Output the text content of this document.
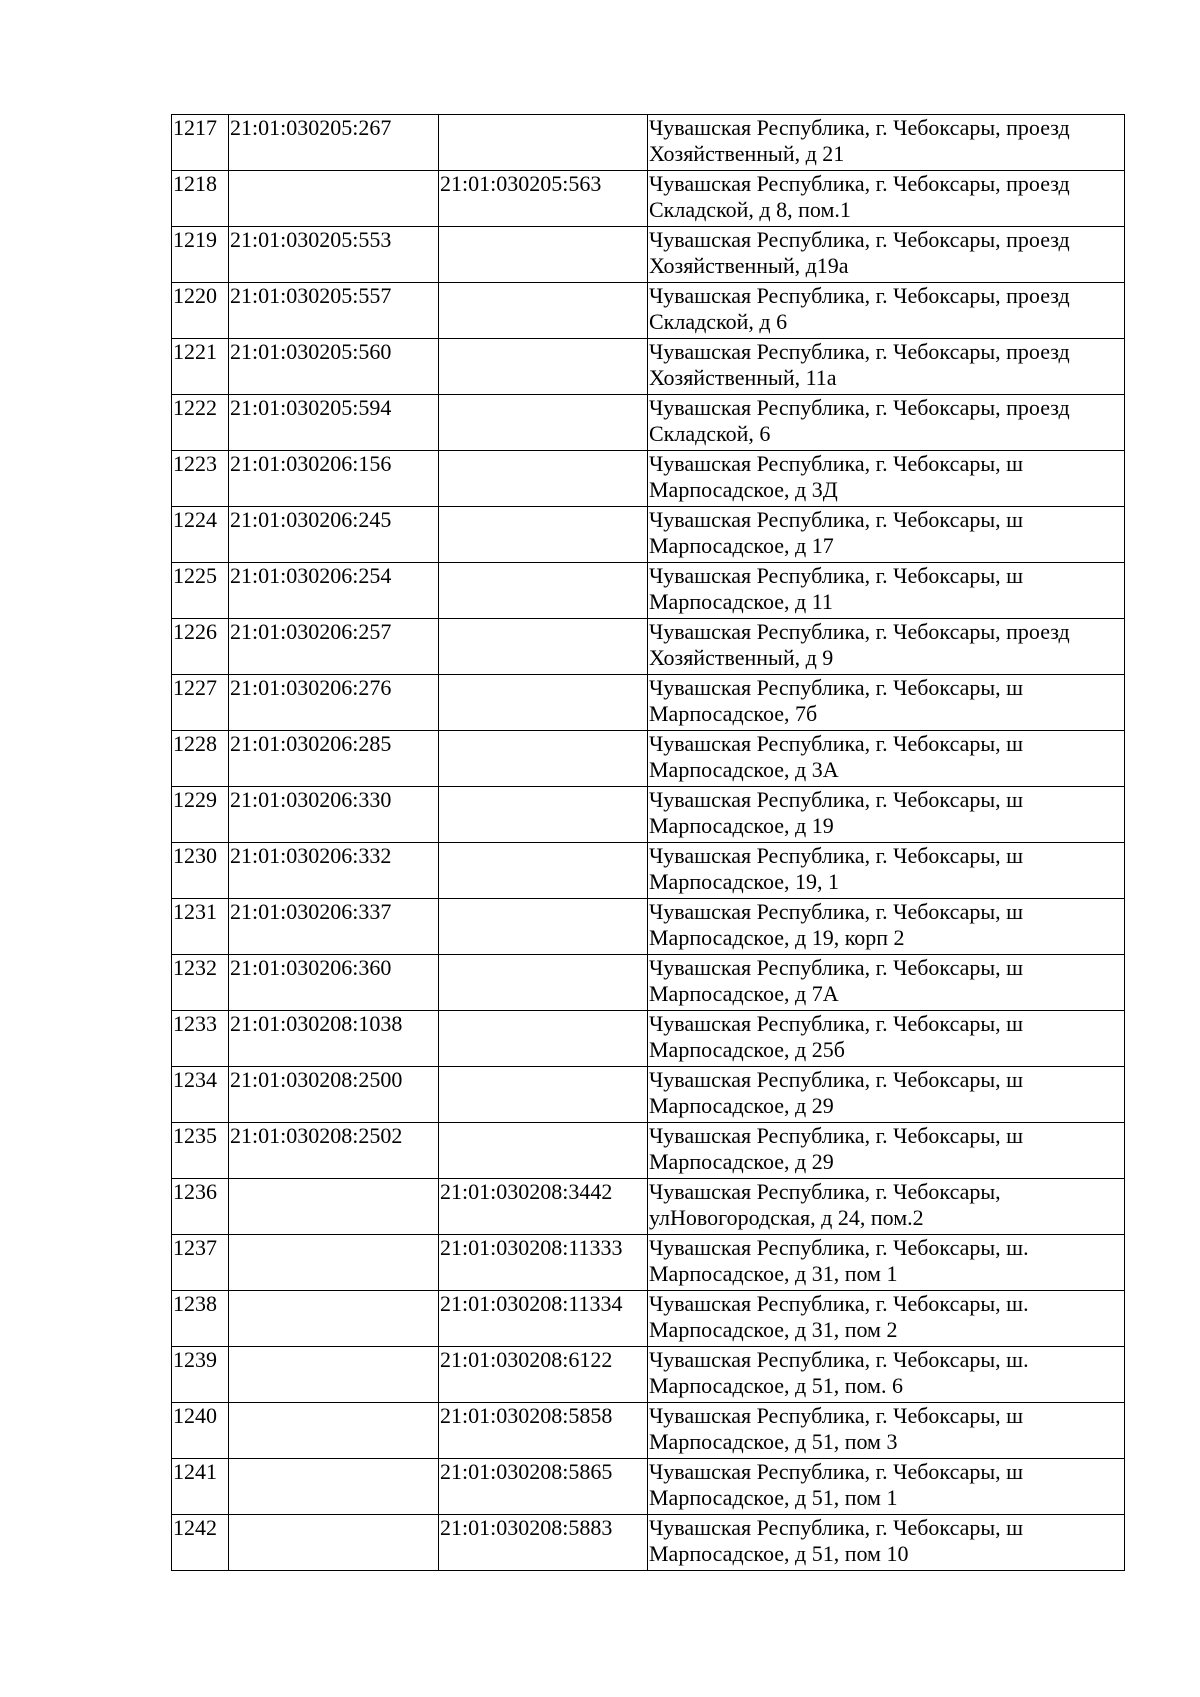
1217	21:01:030205:267		Чувашская Республика, г. Чебоксары, проезд Хозяйственный, д 21

1218		21:01:030205:563	Чувашская Республика, г. Чебоксары, проезд Складской, д 8, пом.1

1219	21:01:030205:553		Чувашская Республика, г. Чебоксары, проезд Хозяйственный, д19а

1220	21:01:030205:557		Чувашская Республика, г. Чебоксары, проезд Складской, д 6

1221	21:01:030205:560		Чувашская Республика, г. Чебоксары, проезд Хозяйственный, 11а

1222	21:01:030205:594		Чувашская Республика, г. Чебоксары, проезд Складской, 6

1223	21:01:030206:156		Чувашская Республика, г. Чебоксары, ш Марпосадское, д 3Д

1224	21:01:030206:245		Чувашская Республика, г. Чебоксары, ш Марпосадское, д 17

1225	21:01:030206:254		Чувашская Республика, г. Чебоксары, ш Марпосадское, д 11

1226	21:01:030206:257		Чувашская Республика, г. Чебоксары, проезд Хозяйственный, д 9

1227	21:01:030206:276		Чувашская Республика, г. Чебоксары, ш Марпосадское, 7б

1228	21:01:030206:285		Чувашская Республика, г. Чебоксары, ш Марпосадское, д 3А

1229	21:01:030206:330		Чувашская Республика, г. Чебоксары, ш Марпосадское, д 19

1230	21:01:030206:332		Чувашская Республика, г. Чебоксары, ш Марпосадское, 19, 1

1231	21:01:030206:337		Чувашская Республика, г. Чебоксары, ш Марпосадское, д 19, корп 2

1232	21:01:030206:360		Чувашская Республика, г. Чебоксары, ш Марпосадское, д 7А

1233	21:01:030208:1038		Чувашская Республика, г. Чебоксары, ш Марпосадское, д 25б

1234	21:01:030208:2500		Чувашская Республика, г. Чебоксары, ш Марпосадское, д 29

1235	21:01:030208:2502		Чувашская Республика, г. Чебоксары, ш Марпосадское, д 29

1236		21:01:030208:3442	Чувашская Республика, г. Чебоксары, улНовогородская, д 24, пом.2

1237		21:01:030208:11333	Чувашская Республика, г. Чебоксары, ш. Марпосадское, д 31, пом 1

1238		21:01:030208:11334	Чувашская Республика, г. Чебоксары, ш. Марпосадское, д 31, пом 2

1239		21:01:030208:6122	Чувашская Республика, г. Чебоксары, ш. Марпосадское, д 51, пом. 6

1240		21:01:030208:5858	Чувашская Республика, г. Чебоксары, ш Марпосадское, д 51, пом 3

1241		21:01:030208:5865	Чувашская Республика, г. Чебоксары, ш Марпосадское, д 51, пом 1

1242		21:01:030208:5883	Чувашская Республика, г. Чебоксары, ш Марпосадское, д 51, пом 10
